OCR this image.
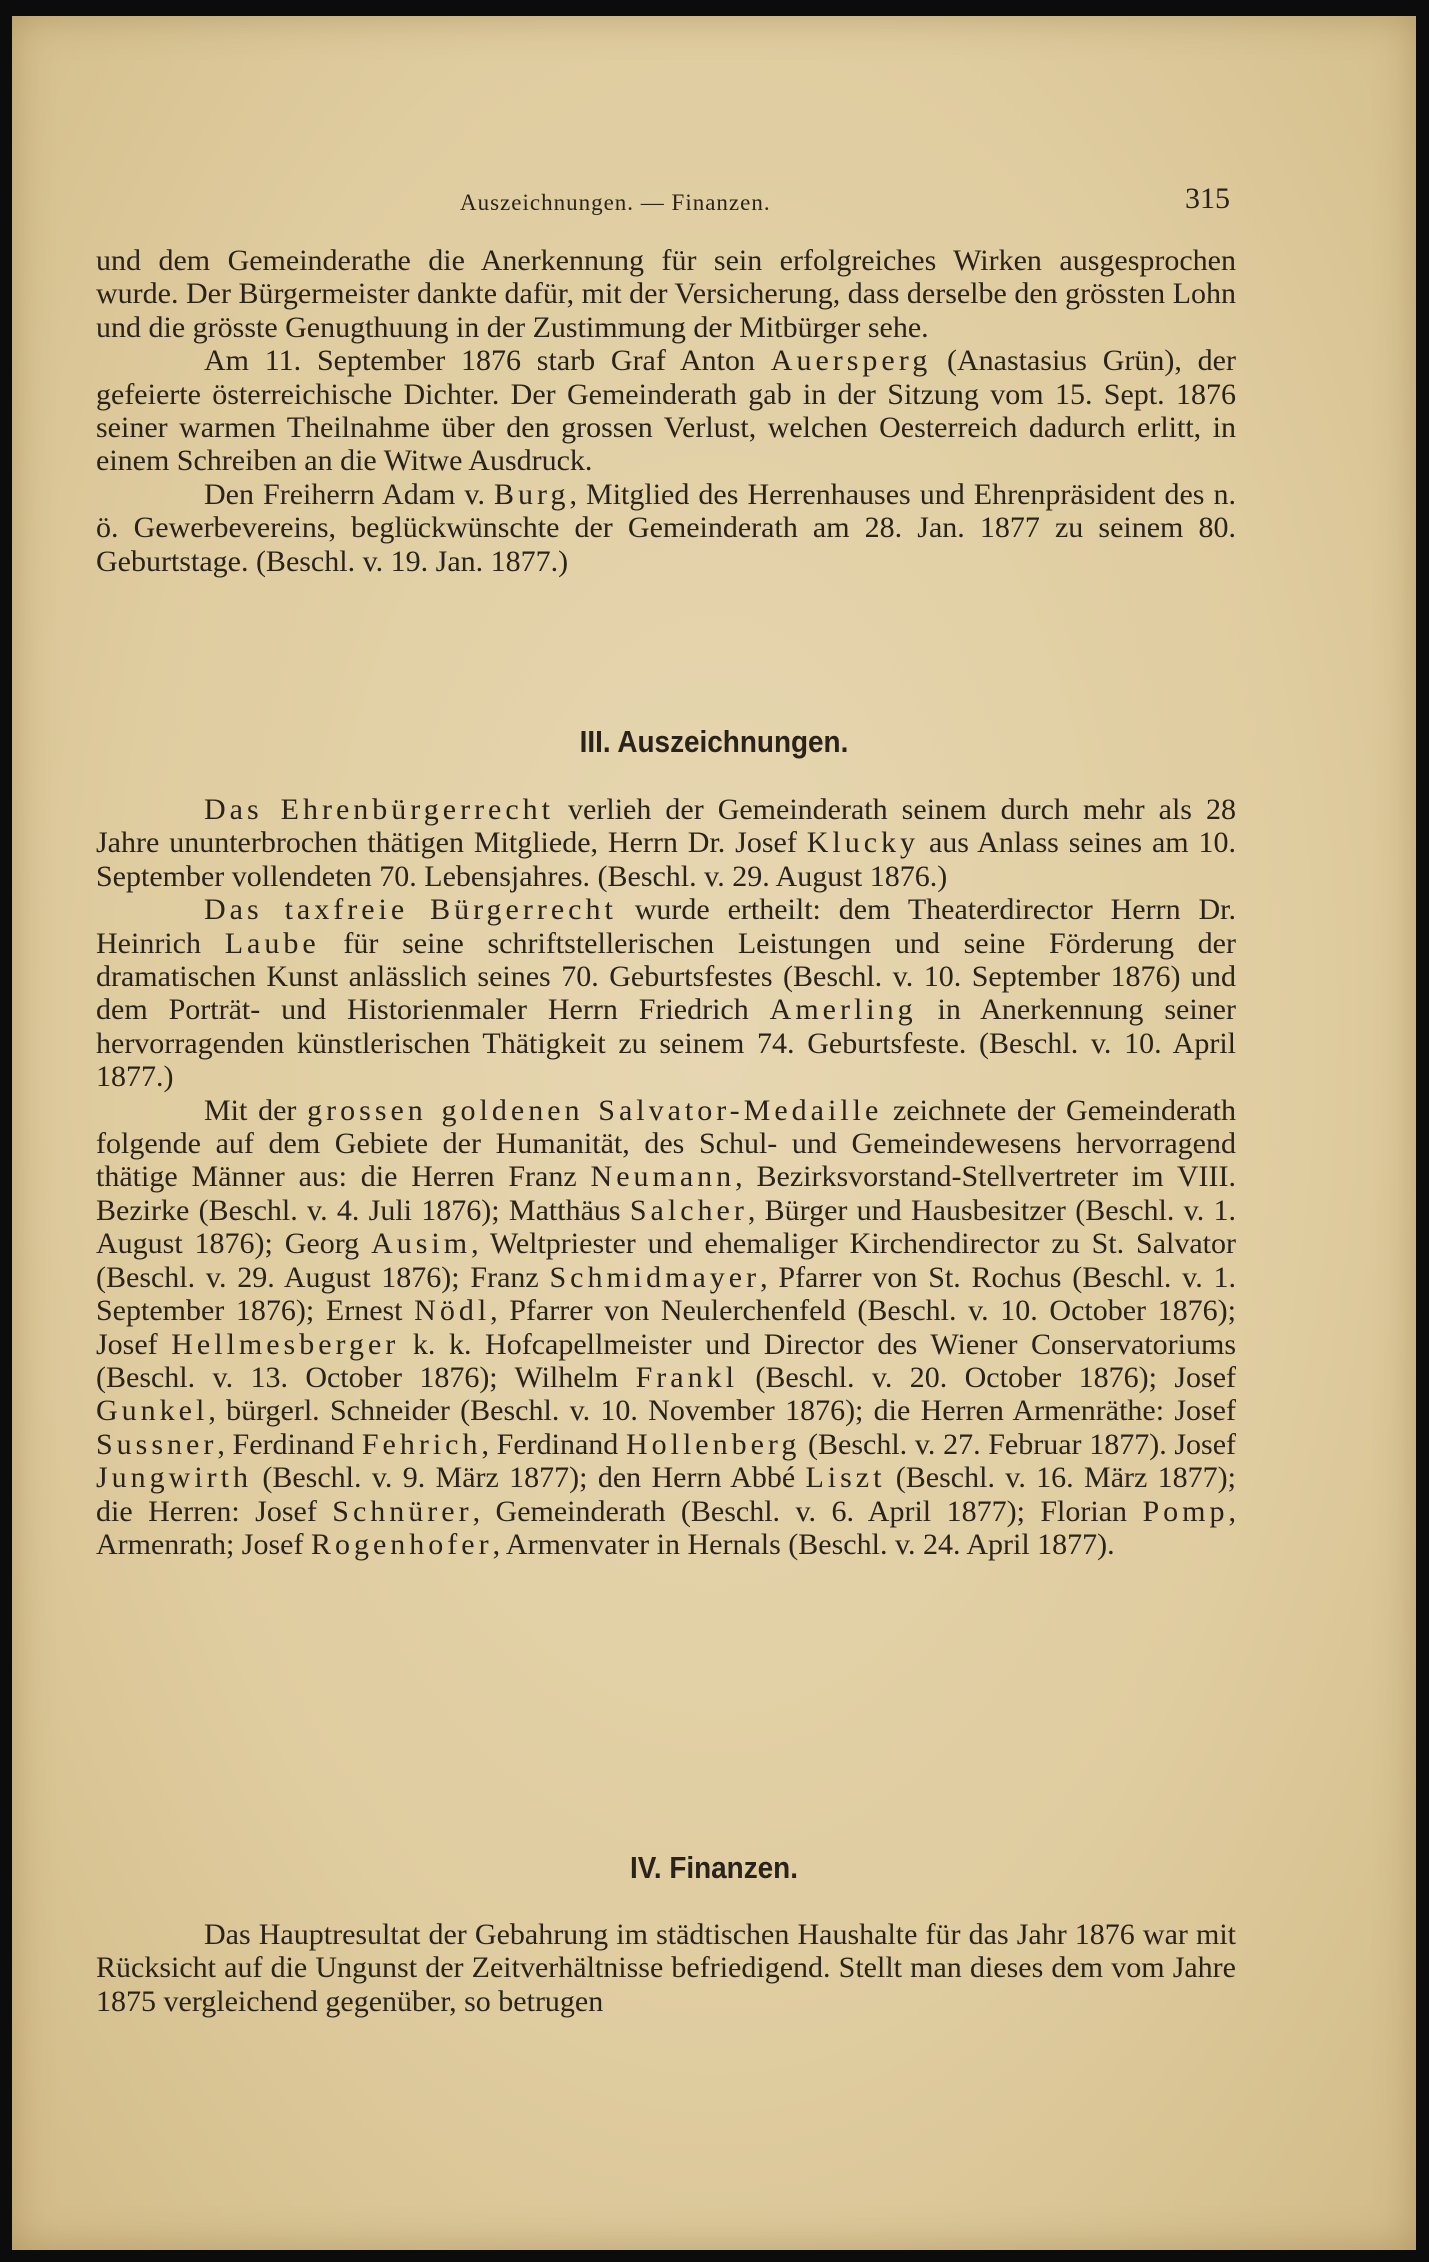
Auszeichnungen. — Finanzen.	315

und dem Gemeinderathe die Anerkennung für sein erfolgreiches Wirken ausgesprochen wurde. Der Bürgermeister dankte dafür, mit der Versicherung, dass derselbe den grössten Lohn und die grösste Genugthuung in der Zustimmung der Mitbürger sehe.

Am 11. September 1876 starb Graf Anton Auersperg (Anastasius Grün), der gefeierte österreichische Dichter. Der Gemeinderath gab in der Sitzung vom 15. Sept. 1876 seiner warmen Theilnahme über den grossen Verlust, welchen Oesterreich dadurch erlitt, in einem Schreiben an die Witwe Ausdruck.

Den Freiherrn Adam v. Burg, Mitglied des Herrenhauses und Ehrenpräsident des n. ö. Gewerbevereins, beglückwünschte der Gemeinderath am 28. Jan. 1877 zu seinem 80. Geburtstage. (Beschl. v. 19. Jan. 1877.)

III. Auszeichnungen.

Das Ehrenbürgerrecht verlieh der Gemeinderath seinem durch mehr als 28 Jahre ununterbrochen thätigen Mitgliede, Herrn Dr. Josef Klucky aus Anlass seines am 10. September vollendeten 70. Lebensjahres. (Beschl. v. 29. August 1876.)

Das taxfreie Bürgerrecht wurde ertheilt: dem Theaterdirector Herrn Dr. Heinrich Laube für seine schriftstellerischen Leistungen und seine Förderung der dramatischen Kunst anlässlich seines 70. Geburtsfestes (Beschl. v. 10. September 1876) und dem Porträt- und Historienmaler Herrn Friedrich Amerling in Anerkennung seiner hervorragenden künstlerischen Thätigkeit zu seinem 74. Geburtsfeste. (Beschl. v. 10. April 1877.)

Mit der grossen goldenen Salvator-Medaille zeichnete der Gemeinderath folgende auf dem Gebiete der Humanität, des Schul- und Gemeindewesens hervorragend thätige Männer aus: die Herren Franz Neumann, Bezirksvorstand-Stellvertreter im VIII. Bezirke (Beschl. v. 4. Juli 1876); Matthäus Salcher, Bürger und Hausbesitzer (Beschl. v. 1. August 1876); Georg Ausim, Weltpriester und ehemaliger Kirchendirector zu St. Salvator (Beschl. v. 29. August 1876); Franz Schmidmayer, Pfarrer von St. Rochus (Beschl. v. 1. September 1876); Ernest Nödl, Pfarrer von Neulerchenfeld (Beschl. v. 10. October 1876); Josef Hellmesberger k. k. Hofcapellmeister und Director des Wiener Conservatoriums (Beschl. v. 13. October 1876); Wilhelm Frankl (Beschl. v. 20. October 1876); Josef Gunkel, bürgerl. Schneider (Beschl. v. 10. November 1876); die Herren Armenräthe: Josef Sussner, Ferdinand Fehrich, Ferdinand Hollenberg (Beschl. v. 27. Februar 1877). Josef Jungwirth (Beschl. v. 9. März 1877); den Herrn Abbé Liszt (Beschl. v. 16. März 1877); die Herren: Josef Schnürer, Gemeinderath (Beschl. v. 6. April 1877); Florian Pomp, Armenrath; Josef Rogenhofer, Armenvater in Hernals (Beschl. v. 24. April 1877).

IV. Finanzen.

Das Hauptresultat der Gebahrung im städtischen Haushalte für das Jahr 1876 war mit Rücksicht auf die Ungunst der Zeitverhältnisse befriedigend. Stellt man dieses dem vom Jahre 1875 vergleichend gegenüber, so betrugen
